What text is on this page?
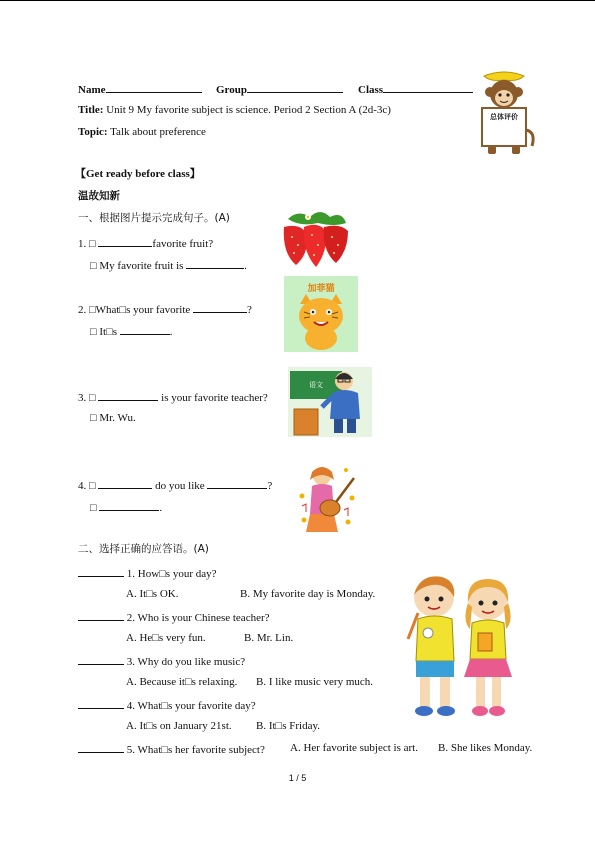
Name	Group	Class
Title: Unit 9 My favorite subject is science. Period 2 Section A (2d-3c)
Topic: Talk about preference
总体评价
【Get ready before class】
温故知新
一、根据图片提示完成句子。(A)
1. □	favorite fruit?
□ My favorite fruit is	.
2. □What□s your favorite	?
□ It□s	.
3. □	is your favorite teacher?
□ Mr. Wu.
4. □	do you like	?
□	.
加菲猫
语文
二、选择正确的应答语。(A)
1. How□s your day?
A. It□s OK.	B. My favorite day is Monday.
2. Who is your Chinese teacher?
A. He□s very fun.	B. Mr. Lin.
3. Why do you like music?
A. Because it□s relaxing. B. I like music very much.
4. What□s your favorite day?
A. It□s on January 21st. B. It□s Friday.
5. What□s her favorite subject? A. Her favorite subject is art. B. She likes Monday.
1 / 5
